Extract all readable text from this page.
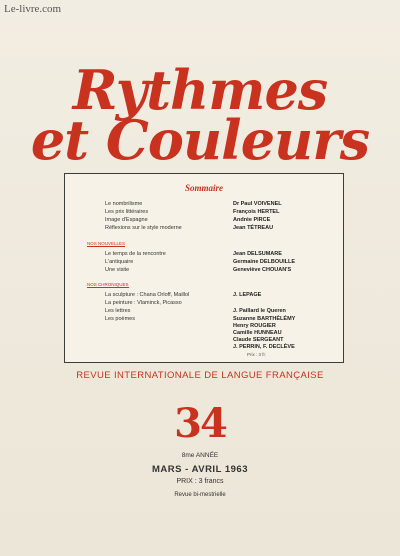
Le-livre.com
Rythmes
et Couleurs
Sommaire
Le nombrilisme	Dr Paul VOIVENEL
Les prix littéraires	François HERTEL
Image d'Espagne	Andrée PIRCE
Réflexions sur le style moderne	Jean TÉTREAU
NOS NOUVELLES
Le temps de la rencontre	Jean DELSUMARE
L'antiquaire	Germaine DELBOUILLE
Une visite	Geneviève CHOUAN'S
NOS CHRONIQUES
La sculpture : Chana Orloff, Maillol	J. LEPAGE
La peinture : Vlaminck, Picasso
Les lettres	J. Paillard le Queren
Les poèmes	Suzanne BARTHÉLÉMY
Henry ROUGIER
Camille HUNNEAU
Claude SERGEANT
J. PERRIN, F. DECLÈVE
Prix : 3 fr.
REVUE INTERNATIONALE DE LANGUE FRANÇAISE
34
8me ANNÉE
MARS - AVRIL 1963
PRIX : 3 francs
Revue bi-mestrielle
